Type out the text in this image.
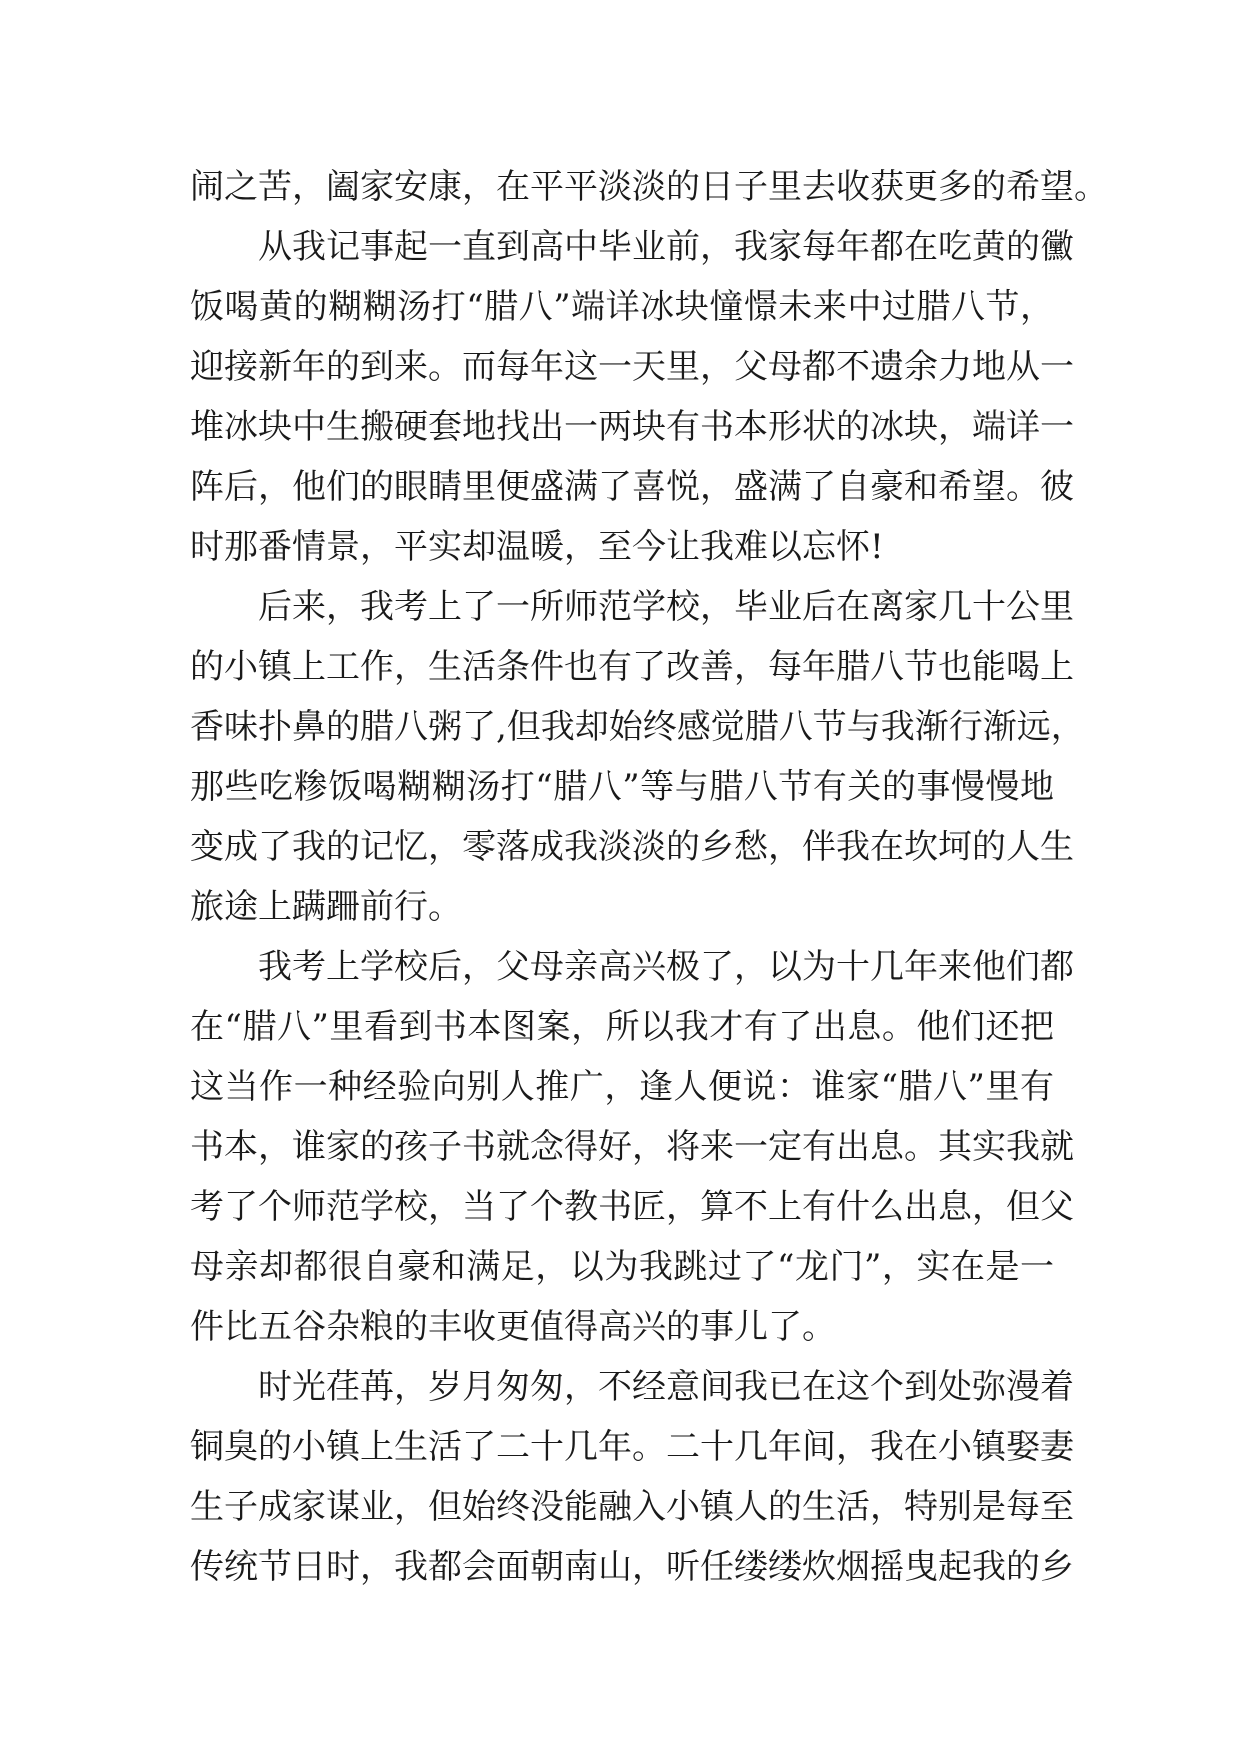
闹之苦，阖家安康，在平平淡淡的日子里去收获更多的希望。
从我记事起一直到高中毕业前，我家每年都在吃黄的黴
饭喝黄的糊糊汤打“腊八”端详冰块憧憬未来中过腊八节，
迎接新年的到来。而每年这一天里，父母都不遗余力地从一
堆冰块中生搬硬套地找出一两块有书本形状的冰块，端详一
阵后，他们的眼睛里便盛满了喜悦，盛满了自豪和希望。彼
时那番情景，平实却温暖，至今让我难以忘怀!
后来，我考上了一所师范学校，毕业后在离家几十公里
的小镇上工作，生活条件也有了改善，每年腊八节也能喝上
香味扑鼻的腊八粥了,但我却始终感觉腊八节与我渐行渐远，
那些吃糁饭喝糊糊汤打“腊八”等与腊八节有关的事慢慢地
变成了我的记忆，零落成我淡淡的乡愁，伴我在坎坷的人生
旅途上蹒跚前行。
我考上学校后，父母亲高兴极了，以为十几年来他们都
在“腊八”里看到书本图案，所以我才有了出息。他们还把
这当作一种经验向别人推广，逢人便说：谁家“腊八”里有
书本，谁家的孩子书就念得好，将来一定有出息。其实我就
考了个师范学校，当了个教书匠，算不上有什么出息，但父
母亲却都很自豪和满足，以为我跳过了“龙门”，实在是一
件比五谷杂粮的丰收更值得高兴的事儿了。
时光荏苒，岁月匆匆，不经意间我已在这个到处弥漫着
铜臭的小镇上生活了二十几年。二十几年间，我在小镇娶妻
生子成家谋业，但始终没能融入小镇人的生活，特别是每至
传统节日时，我都会面朝南山，听任缕缕炊烟摇曳起我的乡
